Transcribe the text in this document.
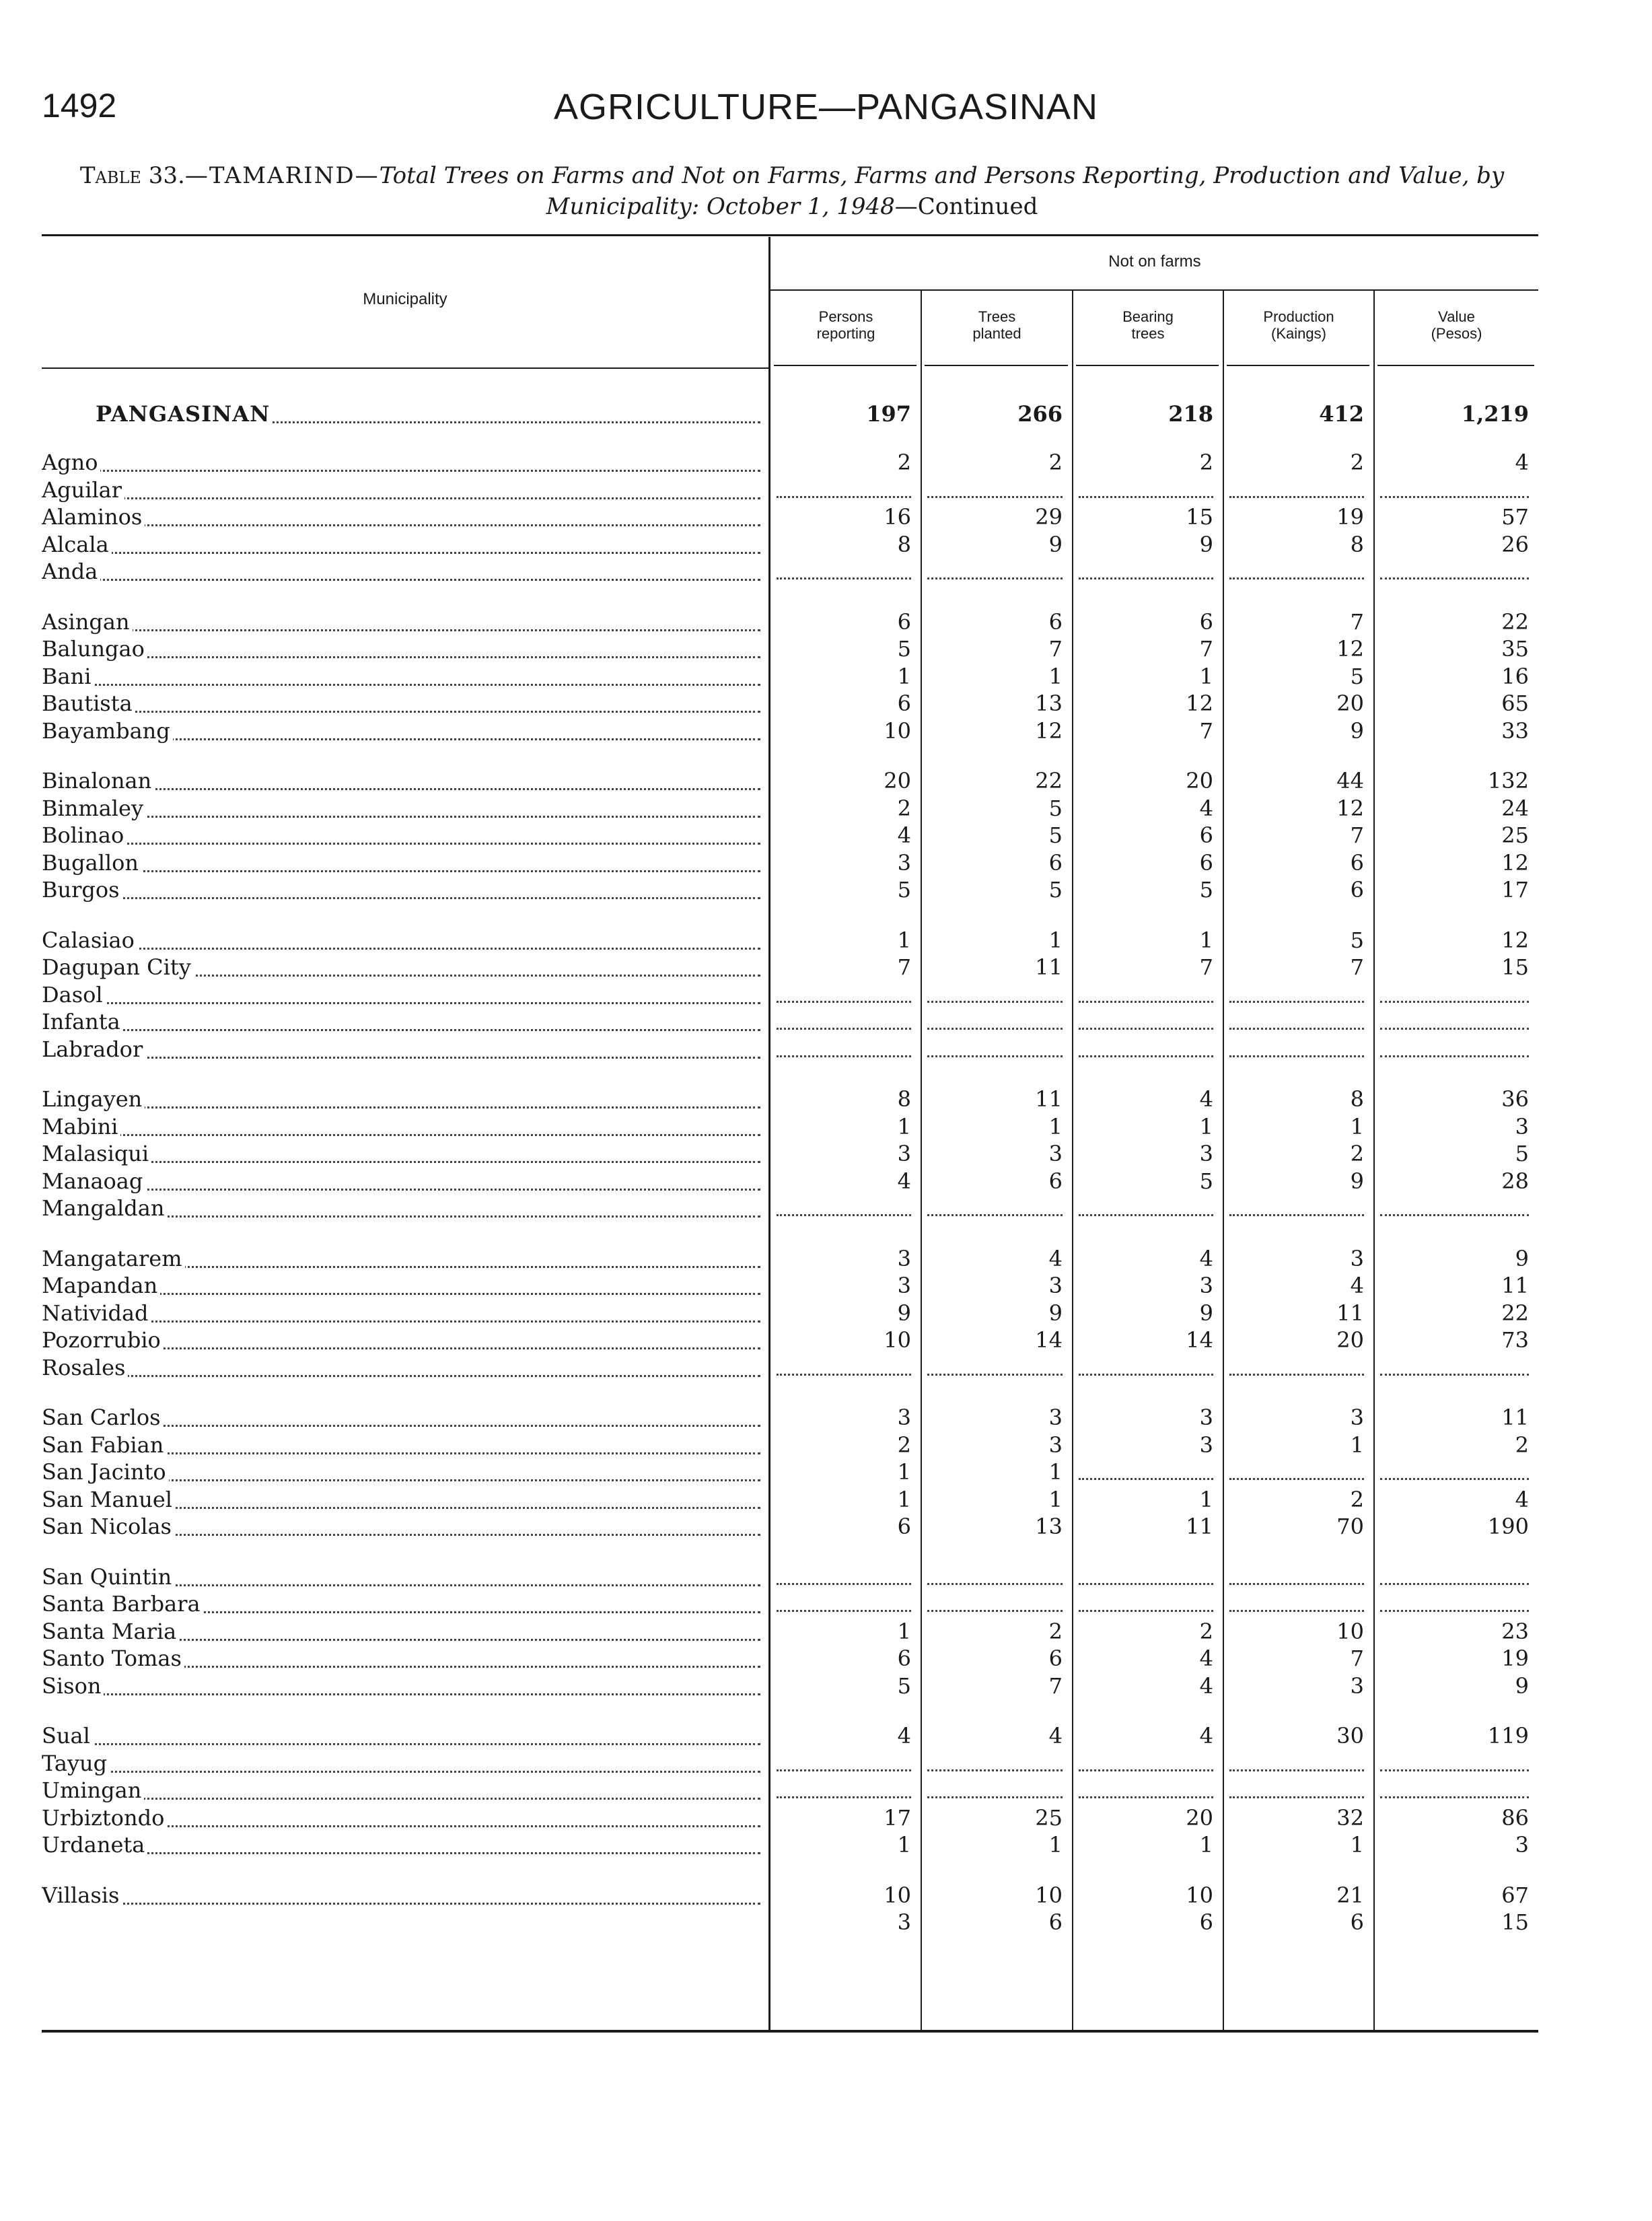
1492	AGRICULTURE—PANGASINAN
Table 33.—TAMARIND—Total Trees on Farms and Not on Farms, Farms and Persons Reporting, Production and Value, by
Municipality: October 1, 1948—Continued
Municipality
Not on farms
Persons
reporting
Trees
planted
Bearing
trees
Production
(Kaings)
Value
(Pesos)
PANGASINAN	197	266	218	412	1,219
Agno	2	2	2	2	4
Aguilar
Alaminos	16	29	15	19	57
Alcala	8	9	9	8	26
Anda
Asingan	6	6	6	7	22
Balungao	5	7	7	12	35
Bani	1	1	1	5	16
Bautista	6	13	12	20	65
Bayambang	10	12	7	9	33
Binalonan	20	22	20	44	132
Binmaley	2	5	4	12	24
Bolinao	4	5	6	7	25
Bugallon	3	6	6	6	12
Burgos	5	5	5	6	17
Calasiao	1	1	1	5	12
Dagupan City	7	11	7	7	15
Dasol
Infanta
Labrador
Lingayen	8	11	4	8	36
Mabini	1	1	1	1	3
Malasiqui	3	3	3	2	5
Manaoag	4	6	5	9	28
Mangaldan
Mangatarem	3	4	4	3	9
Mapandan	3	3	3	4	11
Natividad	9	9	9	11	22
Pozorrubio	10	14	14	20	73
Rosales
San Carlos	3	3	3	3	11
San Fabian	2	3	3	1	2
San Jacinto	1	1
San Manuel	1	1	1	2	4
San Nicolas	6	13	11	70	190
San Quintin
Santa Barbara
Santa Maria	1	2	2	10	23
Santo Tomas	6	6	4	7	19
Sison	5	7	4	3	9
Sual	4	4	4	30	119
Tayug
Umingan
Urbiztondo	17	25	20	32	86
Urdaneta	1	1	1	1	3
Villasis	10	10	10	21	67
3	6	6	6	15
